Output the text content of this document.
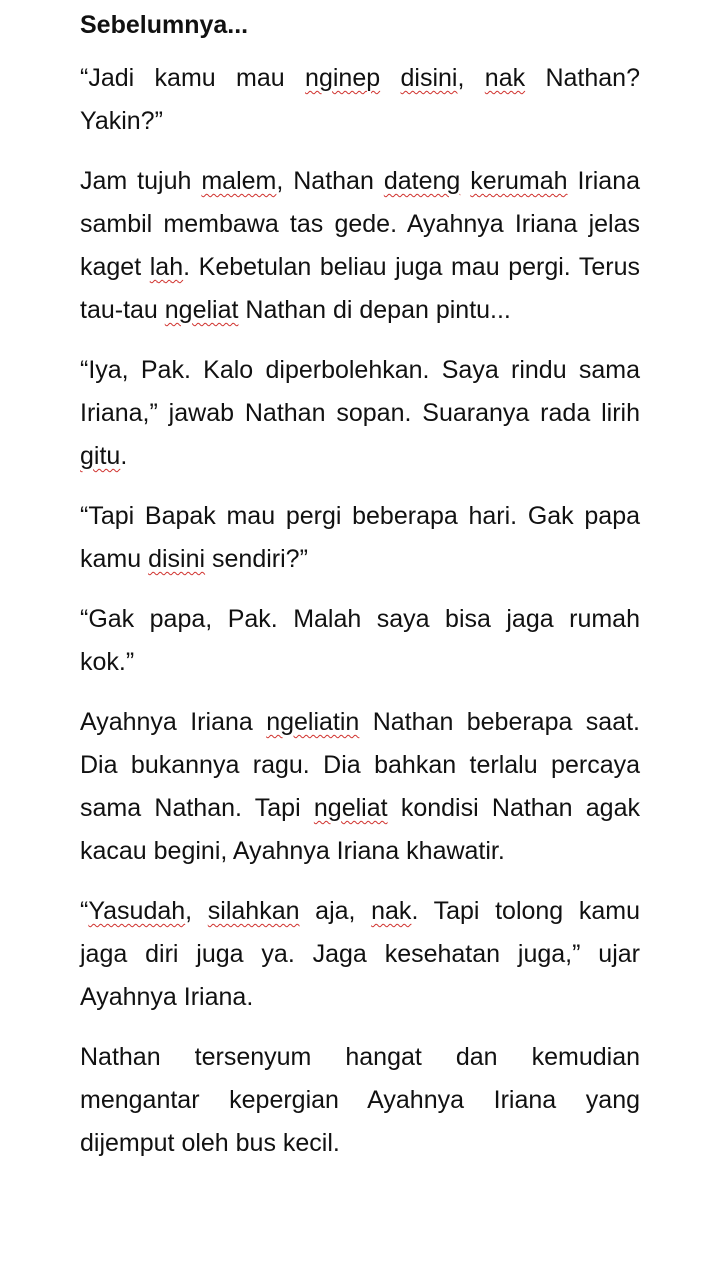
Sebelumnya...

“Jadi kamu mau nginep disini, nak Nathan? Yakin?”

Jam tujuh malem, Nathan dateng kerumah Iriana sambil membawa tas gede. Ayahnya Iriana jelas kaget lah. Kebetulan beliau juga mau pergi. Terus tau-tau ngeliat Nathan di depan pintu...

“Iya, Pak. Kalo diperbolehkan. Saya rindu sama Iriana,” jawab Nathan sopan. Suaranya rada lirih gitu.

“Tapi Bapak mau pergi beberapa hari. Gak papa kamu disini sendiri?”

“Gak papa, Pak. Malah saya bisa jaga rumah kok.”

Ayahnya Iriana ngeliatin Nathan beberapa saat. Dia bukannya ragu. Dia bahkan terlalu percaya sama Nathan. Tapi ngeliat kondisi Nathan agak kacau begini, Ayahnya Iriana khawatir.

“Yasudah, silahkan aja, nak. Tapi tolong kamu jaga diri juga ya. Jaga kesehatan juga,” ujar Ayahnya Iriana.

Nathan tersenyum hangat dan kemudian mengantar kepergian Ayahnya Iriana yang dijemput oleh bus kecil.
